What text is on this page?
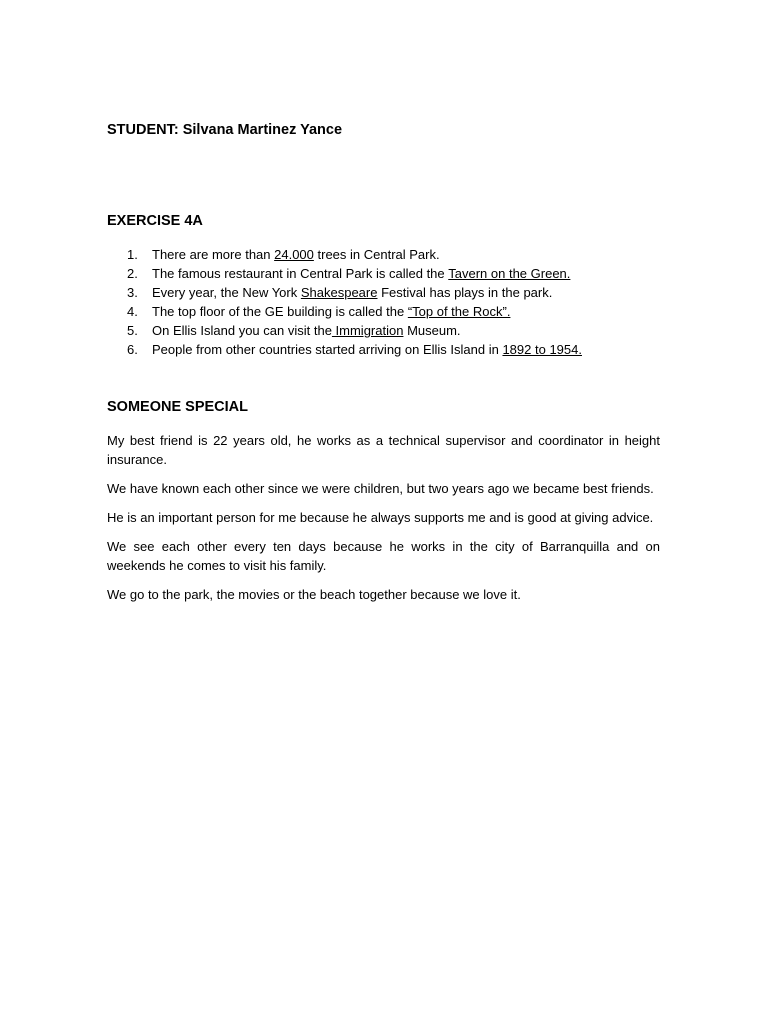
STUDENT: Silvana Martinez Yance
EXERCISE 4A
1.	There are more than 24.000 trees in Central Park.
2.	The famous restaurant in Central Park is called the Tavern on the Green.
3.	Every year, the New York Shakespeare Festival has plays in the park.
4.	The top floor of the GE building is called the “Top of the Rock”.
5.	On Ellis Island you can visit the Immigration Museum.
6.	People from other countries started arriving on Ellis Island in 1892 to 1954.
SOMEONE SPECIAL

My best friend is 22 years old, he works as a technical supervisor and coordinator in height insurance.

We have known each other since we were children, but two years ago we became best friends.

He is an important person for me because he always supports me and is good at giving advice.

We see each other every ten days because he works in the city of Barranquilla and on weekends he comes to visit his family.

We go to the park, the movies or the beach together because we love it.
